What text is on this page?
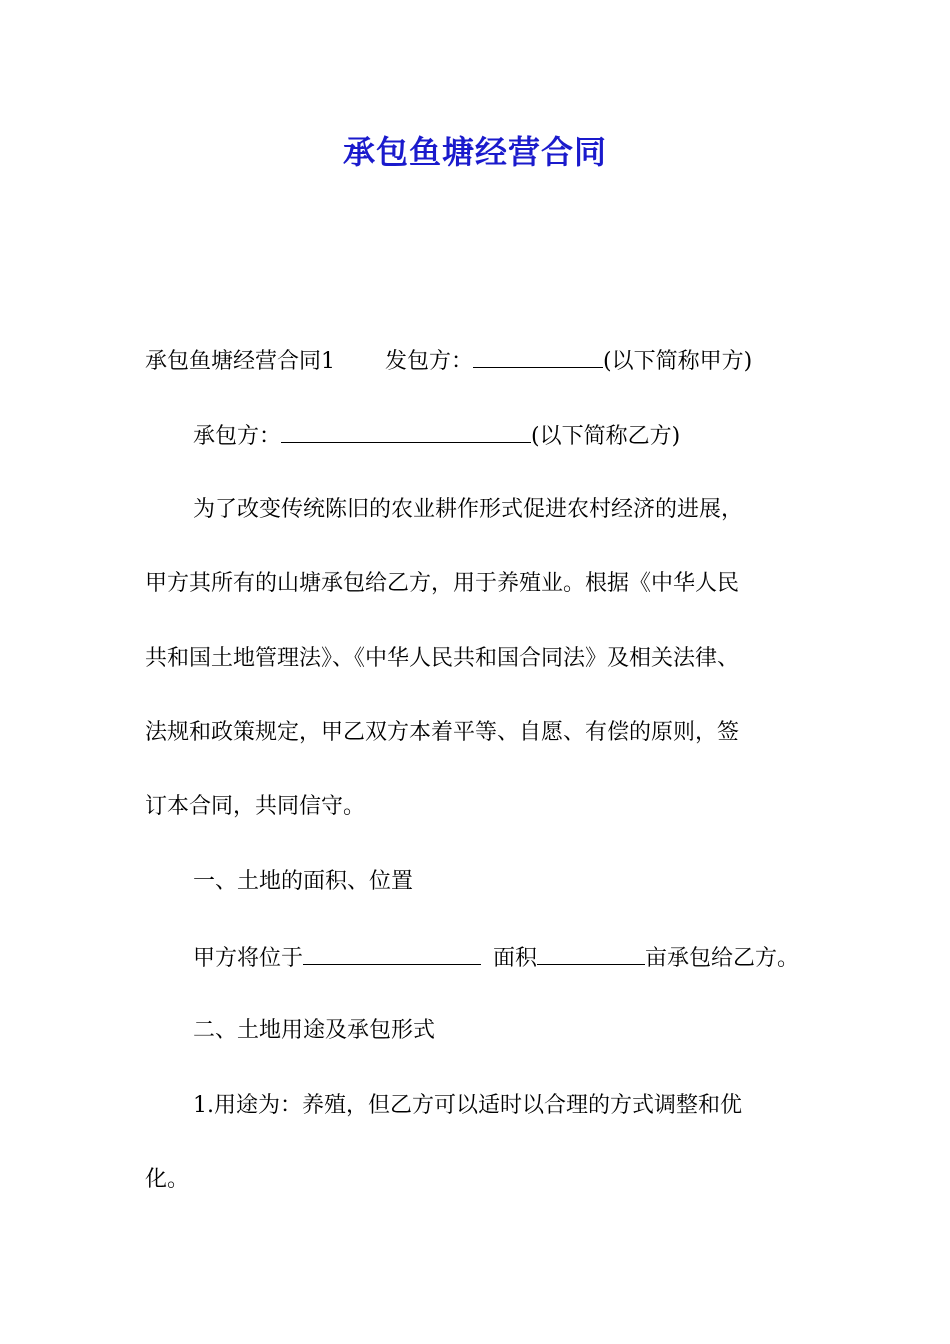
承包鱼塘经营合同
承包鱼塘经营合同1 发包方：	(以下简称甲方)
承包方：	(以下简称乙方)
为了改变传统陈旧的农业耕作形式促进农村经济的进展，
甲方其所有的山塘承包给乙方，用于养殖业。根据《中华人民
共和国土地管理法》、《中华人民共和国合同法》及相关法律、
法规和政策规定，甲乙双方本着平等、自愿、有偿的原则，签
订本合同，共同信守。
一、土地的面积、位置
甲方将位于	面积	亩承包给乙方。
二、土地用途及承包形式
1.用途为：养殖，但乙方可以适时以合理的方式调整和优
化。
